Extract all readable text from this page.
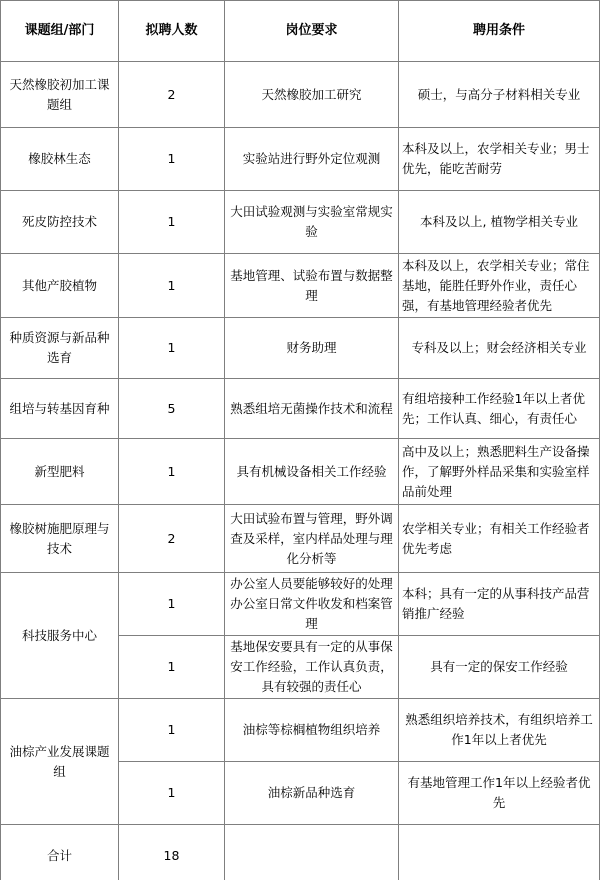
课题组/部门	拟聘人数	岗位要求	聘用条件
天然橡胶初加工课题组	2	天然橡胶加工研究	硕士，与高分子材料相关专业
橡胶林生态	1	实验站进行野外定位观测	本科及以上，农学相关专业；男士优先，能吃苦耐劳
死皮防控技术	1	大田试验观测与实验室常规实验	本科及以上, 植物学相关专业
其他产胶植物	1	基地管理、试验布置与数据整理	本科及以上，农学相关专业；常住基地，能胜任野外作业，责任心强，有基地管理经验者优先
种质资源与新品种选育	1	财务助理	专科及以上；财会经济相关专业
组培与转基因育种	5	熟悉组培无菌操作技术和流程	有组培接种工作经验1年以上者优先；工作认真、细心，有责任心
新型肥料	1	具有机械设备相关工作经验	高中及以上；熟悉肥料生产设备操作，了解野外样品采集和实验室样品前处理
橡胶树施肥原理与技术	2	大田试验布置与管理，野外调查及采样，室内样品处理与理化分析等	农学相关专业；有相关工作经验者优先考虑
科技服务中心	1	办公室人员要能够较好的处理办公室日常文件收发和档案管理	本科；具有一定的从事科技产品营销推广经验
	1	基地保安要具有一定的从事保安工作经验，工作认真负责，具有较强的责任心	具有一定的保安工作经验
油棕产业发展课题组	1	油棕等棕榈植物组织培养	熟悉组织培养技术，有组织培养工作1年以上者优先
	1	油棕新品种选育	有基地管理工作1年以上经验者优先
合计	18		
